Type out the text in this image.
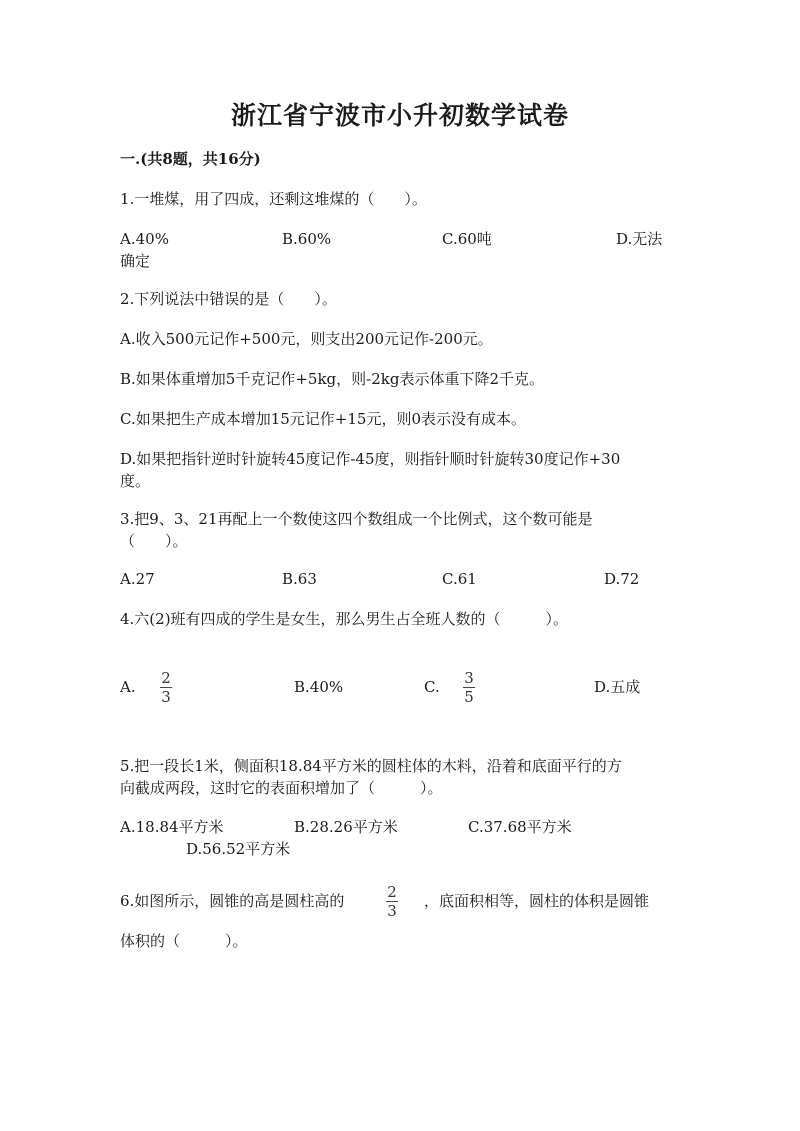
浙江省宁波市小升初数学试卷
一.(共8题，共16分)
1.一堆煤，用了四成，还剩这堆煤的（　　）。
A.40%	B.60%	C.60吨	D.无法
确定
2.下列说法中错误的是（　　）。
A.收入500元记作+500元，则支出200元记作-200元。
B.如果体重增加5千克记作+5kg，则-2kg表示体重下降2千克。
C.如果把生产成本增加15元记作+15元，则0表示没有成本。
D.如果把指针逆时针旋转45度记作-45度，则指针顺时针旋转30度记作+30
度。
3.把9、3、21再配上一个数使这四个数组成一个比例式，这个数可能是
（　　）。
A.27	B.63	C.61	D.72
4.六(2)班有四成的学生是女生，那么男生占全班人数的（　　　）。
A. 2
3
B.40%	C. 3
5
D.五成
5.把一段长1米，侧面积18.84平方米的圆柱体的木料，沿着和底面平行的方
向截成两段，这时它的表面积增加了（　　　）。
A.18.84平方米	B.28.26平方米	C.37.68平方米
D.56.52平方米
6.如图所示，圆锥的高是圆柱高的	2
3
，底面积相等，圆柱的体积是圆锥
体积的（　　　）。
